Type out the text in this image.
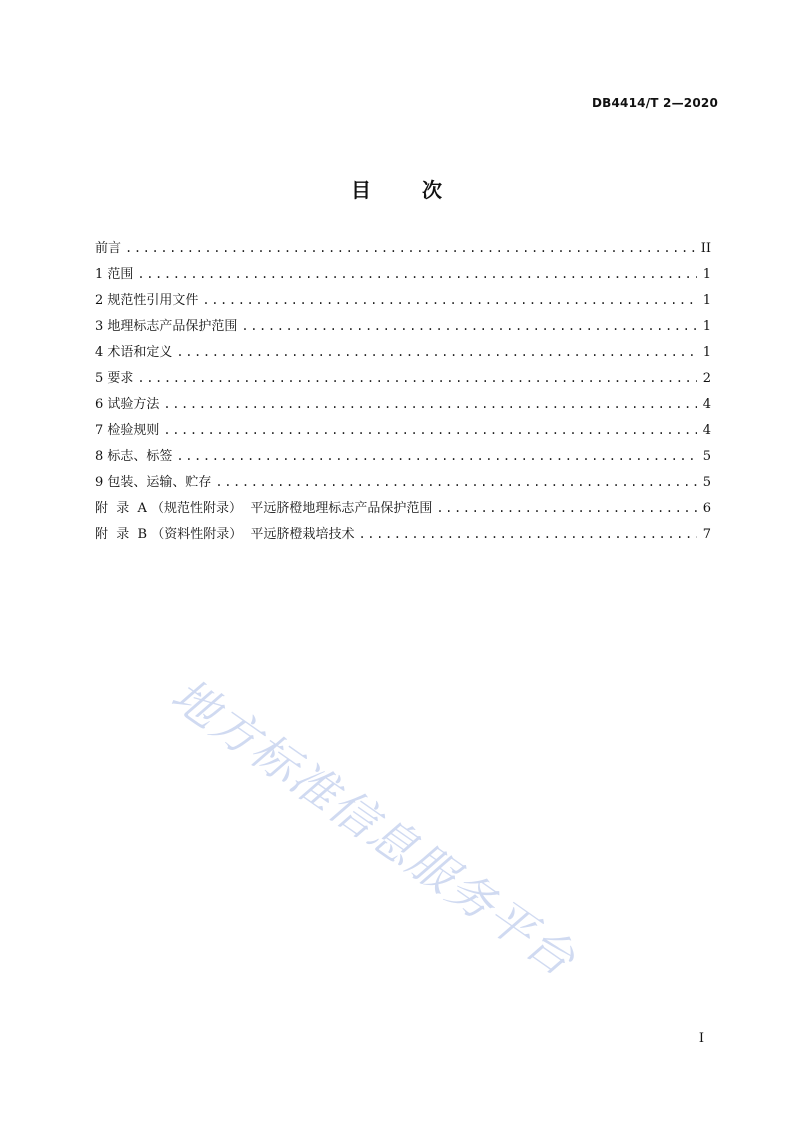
DB4414/T 2—2020
目	次
前言 .....	II
1 范围 .....	1
2 规范性引用文件 .....	1
3 地理标志产品保护范围 .....	1
4 术语和定义 .....	1
5 要求 .....	2
6 试验方法 .....	4
7 检验规则 .....	4
8 标志、标签 .....	5
9 包装、运输、贮存 .....	5
附  录  A （规范性附录）  平远脐橙地理标志产品保护范围 .....	6
附  录  B （资料性附录）  平远脐橙栽培技术 .....	7
地方标准信息服务平台
I
